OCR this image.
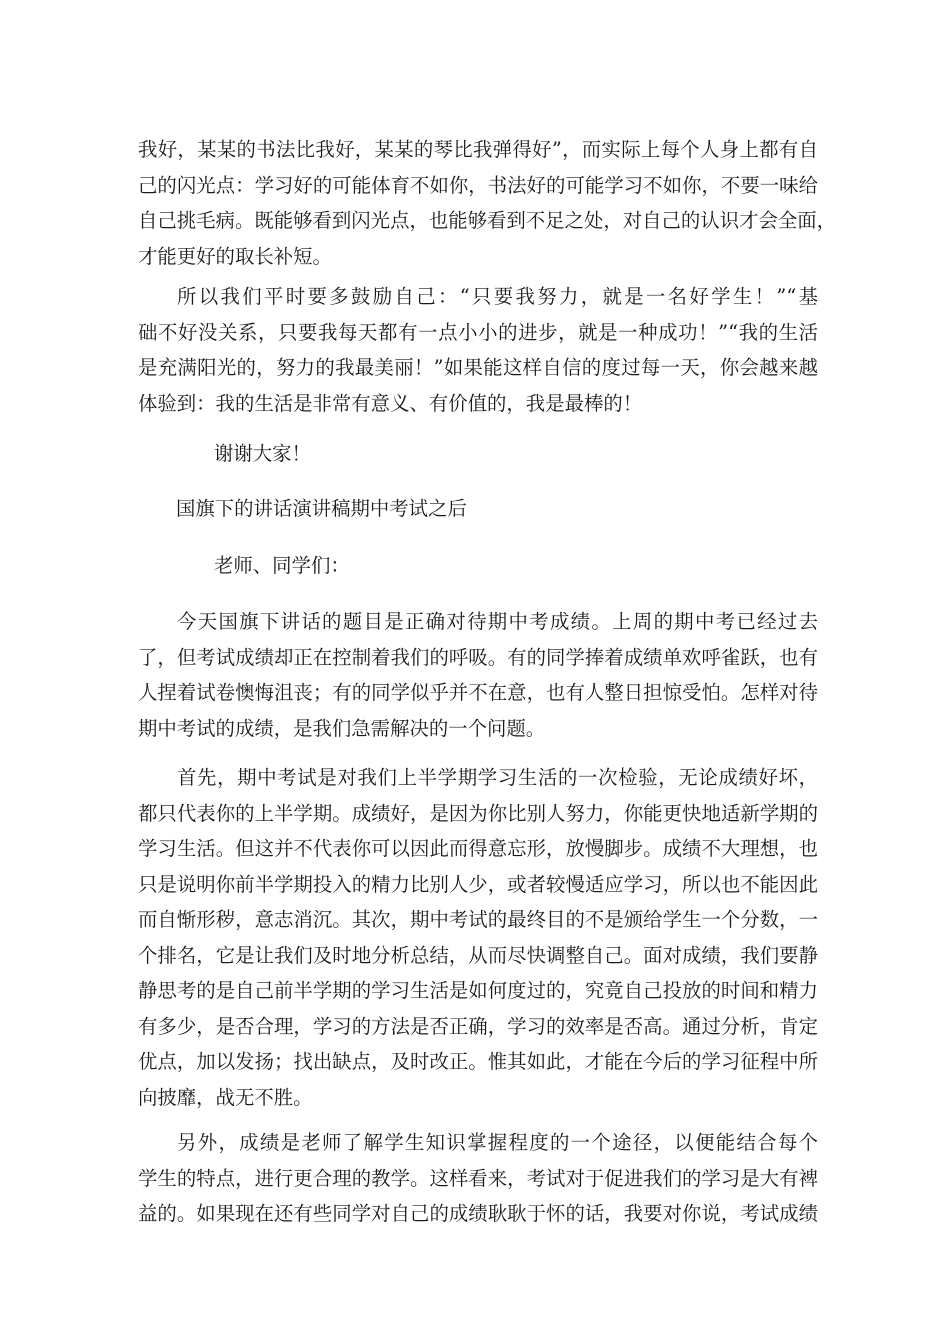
我好，某某的书法比我好，某某的琴比我弹得好”，而实际上每个人身上都有自
己的闪光点：学习好的可能体育不如你，书法好的可能学习不如你，不要一味给
自己挑毛病。既能够看到闪光点，也能够看到不足之处，对自己的认识才会全面，
才能更好的取长补短。
所以我们平时要多鼓励自己：“只要我努力，就是一名好学生！”“基
础不好没关系，只要我每天都有一点小小的进步，就是一种成功！”“我的生活
是充满阳光的，努力的我最美丽！”如果能这样自信的度过每一天，你会越来越
体验到：我的生活是非常有意义、有价值的，我是最棒的！
谢谢大家！
国旗下的讲话演讲稿期中考试之后
老师、同学们：
今天国旗下讲话的题目是正确对待期中考成绩。上周的期中考已经过去
了，但考试成绩却正在控制着我们的呼吸。有的同学捧着成绩单欢呼雀跃，也有
人捏着试卷懊悔沮丧；有的同学似乎并不在意，也有人整日担惊受怕。怎样对待
期中考试的成绩，是我们急需解决的一个问题。
首先，期中考试是对我们上半学期学习生活的一次检验，无论成绩好坏，
都只代表你的上半学期。成绩好，是因为你比别人努力，你能更快地适新学期的
学习生活。但这并不代表你可以因此而得意忘形，放慢脚步。成绩不大理想，也
只是说明你前半学期投入的精力比别人少，或者较慢适应学习，所以也不能因此
而自惭形秽，意志消沉。其次，期中考试的最终目的不是颁给学生一个分数，一
个排名，它是让我们及时地分析总结，从而尽快调整自己。面对成绩，我们要静
静思考的是自己前半学期的学习生活是如何度过的，究竟自己投放的时间和精力
有多少，是否合理，学习的方法是否正确，学习的效率是否高。通过分析，肯定
优点，加以发扬；找出缺点，及时改正。惟其如此，才能在今后的学习征程中所
向披靡，战无不胜。
另外，成绩是老师了解学生知识掌握程度的一个途径，以便能结合每个
学生的特点，进行更合理的教学。这样看来，考试对于促进我们的学习是大有裨
益的。如果现在还有些同学对自己的成绩耿耿于怀的话，我要对你说，考试成绩
